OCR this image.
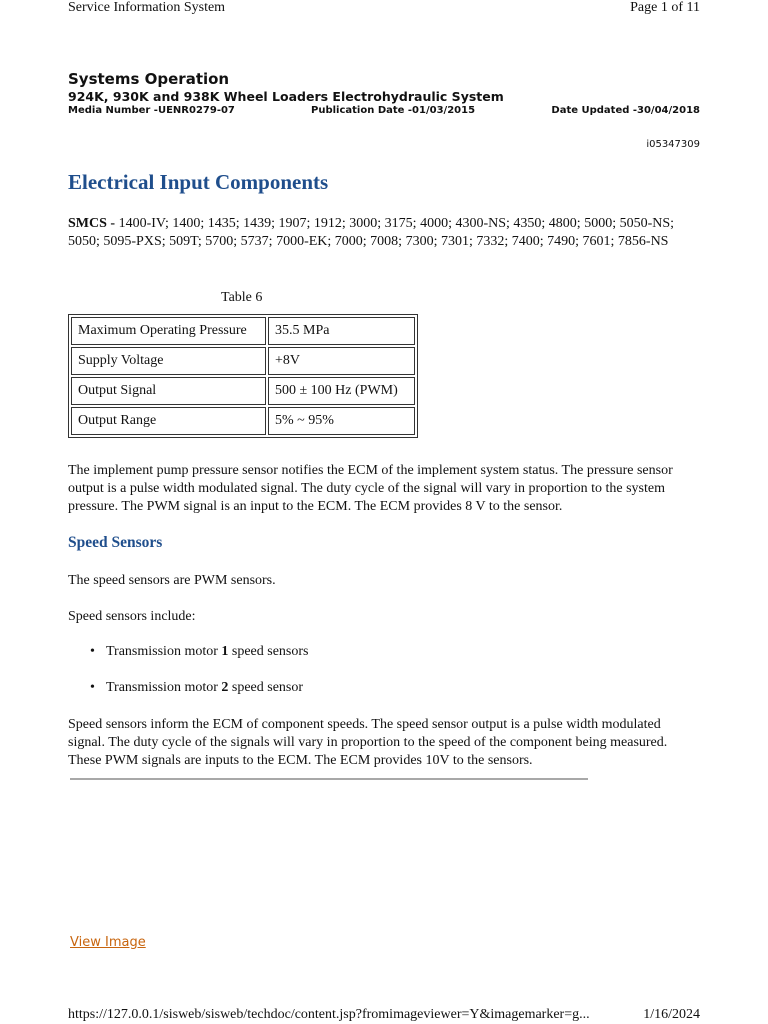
Service Information System	Page 1 of 11
Systems Operation
924K, 930K and 938K Wheel Loaders Electrohydraulic System
Media Number -UENR0279-07	Publication Date -01/03/2015	Date Updated -30/04/2018
i05347309
Electrical Input Components
SMCS - 1400-IV; 1400; 1435; 1439; 1907; 1912; 3000; 3175; 4000; 4300-NS; 4350; 4800; 5000; 5050-NS; 5050; 5095-PXS; 509T; 5700; 5737; 7000-EK; 7000; 7008; 7300; 7301; 7332; 7400; 7490; 7601; 7856-NS
Table 6
Maximum Operating Pressure	35.5 MPa
Supply Voltage	+8V
Output Signal	500 ± 100 Hz (PWM)
Output Range	5% ~ 95%
The implement pump pressure sensor notifies the ECM of the implement system status. The pressure sensor output is a pulse width modulated signal. The duty cycle of the signal will vary in proportion to the system pressure. The PWM signal is an input to the ECM. The ECM provides 8 V to the sensor.
Speed Sensors
The speed sensors are PWM sensors.
Speed sensors include:
• Transmission motor 1 speed sensors
• Transmission motor 2 speed sensor
Speed sensors inform the ECM of component speeds. The speed sensor output is a pulse width modulated signal. The duty cycle of the signals will vary in proportion to the speed of the component being measured. These PWM signals are inputs to the ECM. The ECM provides 10V to the sensors.
View Image
https://127.0.0.1/sisweb/sisweb/techdoc/content.jsp?fromimageviewer=Y&imagemarker=g...	1/16/2024
